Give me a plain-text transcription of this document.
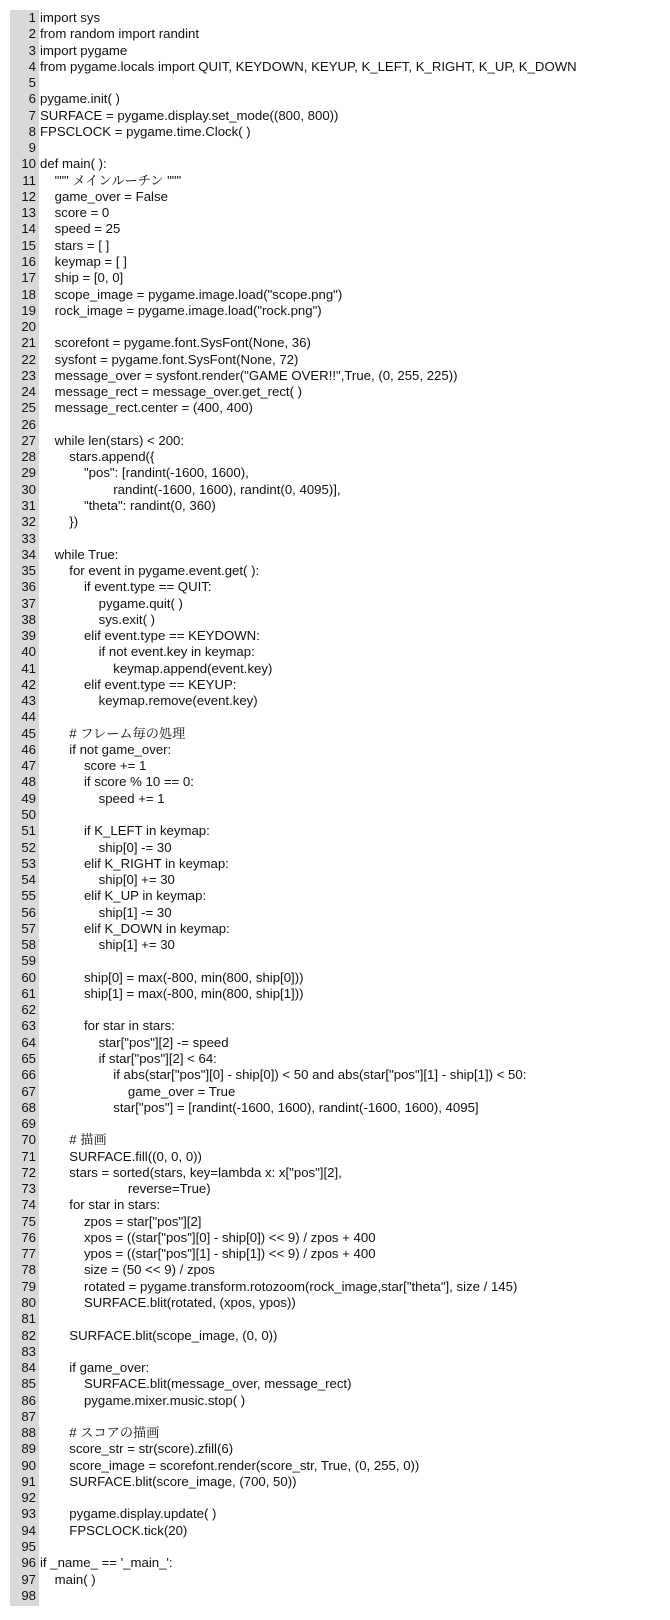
1 import sys
2 from random import randint
3 import pygame
4 from pygame.locals import QUIT, KEYDOWN, KEYUP, K_LEFT, K_RIGHT, K_UP, K_DOWN
5
6 pygame.init( )
7 SURFACE = pygame.display.set_mode((800, 800))
8 FPSCLOCK = pygame.time.Clock( )
9
10 def main( ):
11 """ メインルーチン """
12 game_over = False
13 score = 0
14 speed = 25
15 stars = [ ]
16 keymap = [ ]
17 ship = [0, 0]
18 scope_image = pygame.image.load("scope.png")
19 rock_image = pygame.image.load("rock.png")
20
21 scorefont = pygame.font.SysFont(None, 36)
22 sysfont = pygame.font.SysFont(None, 72)
23 message_over = sysfont.render("GAME OVER!!",True, (0, 255, 225))
24 message_rect = message_over.get_rect( )
25 message_rect.center = (400, 400)
26
27 while len(stars) < 200:
28 stars.append({
29 "pos": [randint(-1600, 1600),
30 randint(-1600, 1600), randint(0, 4095)],
31 "theta": randint(0, 360)
32 })
33
34 while True:
35 for event in pygame.event.get( ):
36 if event.type == QUIT:
37 pygame.quit( )
38 sys.exit( )
39 elif event.type == KEYDOWN:
40 if not event.key in keymap:
41 keymap.append(event.key)
42 elif event.type == KEYUP:
43 keymap.remove(event.key)
44
45 # フレーム毎の処理
46 if not game_over:
47 score += 1
48 if score % 10 == 0:
49 speed += 1
50
51 if K_LEFT in keymap:
52 ship[0] -= 30
53 elif K_RIGHT in keymap:
54 ship[0] += 30
55 elif K_UP in keymap:
56 ship[1] -= 30
57 elif K_DOWN in keymap:
58 ship[1] += 30
59
60 ship[0] = max(-800, min(800, ship[0]))
61 ship[1] = max(-800, min(800, ship[1]))
62
63 for star in stars:
64 star["pos"][2] -= speed
65 if star["pos"][2] < 64:
66 if abs(star["pos"][0] - ship[0]) < 50 and abs(star["pos"][1] - ship[1]) < 50:
67 game_over = True
68 star["pos"] = [randint(-1600, 1600), randint(-1600, 1600), 4095]
69
70 # 描画
71 SURFACE.fill((0, 0, 0))
72 stars = sorted(stars, key=lambda x: x["pos"][2],
73 reverse=True)
74 for star in stars:
75 zpos = star["pos"][2]
76 xpos = ((star["pos"][0] - ship[0]) << 9) / zpos + 400
77 ypos = ((star["pos"][1] - ship[1]) << 9) / zpos + 400
78 size = (50 << 9) / zpos
79 rotated = pygame.transform.rotozoom(rock_image,star["theta"], size / 145)
80 SURFACE.blit(rotated, (xpos, ypos))
81
82 SURFACE.blit(scope_image, (0, 0))
83
84 if game_over:
85 SURFACE.blit(message_over, message_rect)
86 pygame.mixer.music.stop( )
87
88 # スコアの描画
89 score_str = str(score).zfill(6)
90 score_image = scorefont.render(score_str, True, (0, 255, 0))
91 SURFACE.blit(score_image, (700, 50))
92
93 pygame.display.update( )
94 FPSCLOCK.tick(20)
95
96 if _name_ == '_main_':
97 main( )
98
